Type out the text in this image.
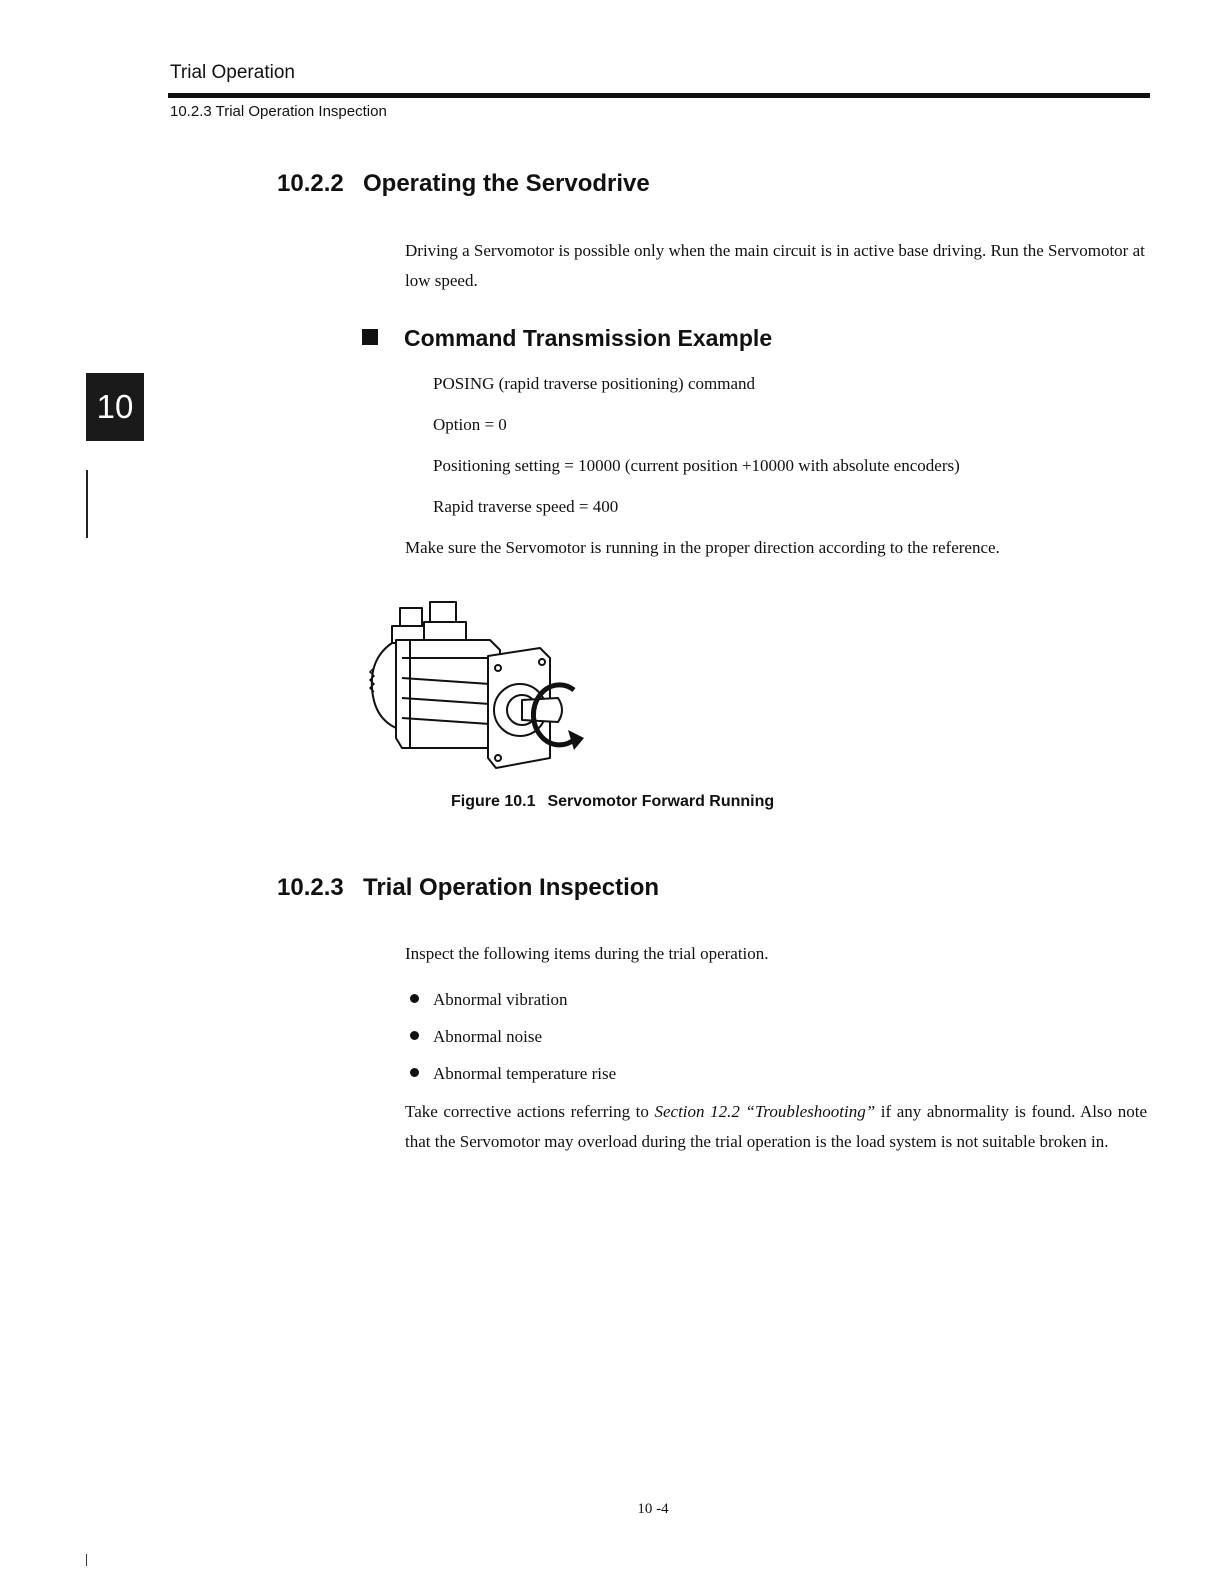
Trial Operation
10.2.3 Trial Operation Inspection
10
10.2.2 Operating the Servodrive
Driving a Servomotor is possible only when the main circuit is in active base driving. Run the Servomotor at low speed.
Command Transmission Example
POSING (rapid traverse positioning) command
Option = 0
Positioning setting = 10000 (current position +10000 with absolute encoders)
Rapid traverse speed = 400
Make sure the Servomotor is running in the proper direction according to the reference.
Figure 10.1 Servomotor Forward Running
10.2.3 Trial Operation Inspection
Inspect the following items during the trial operation.
Abnormal vibration
Abnormal noise
Abnormal temperature rise
Take corrective actions referring to Section 12.2 “Troubleshooting” if any abnormality is found. Also note that the Servomotor may overload during the trial operation is the load system is not suitable broken in.
10 -4
